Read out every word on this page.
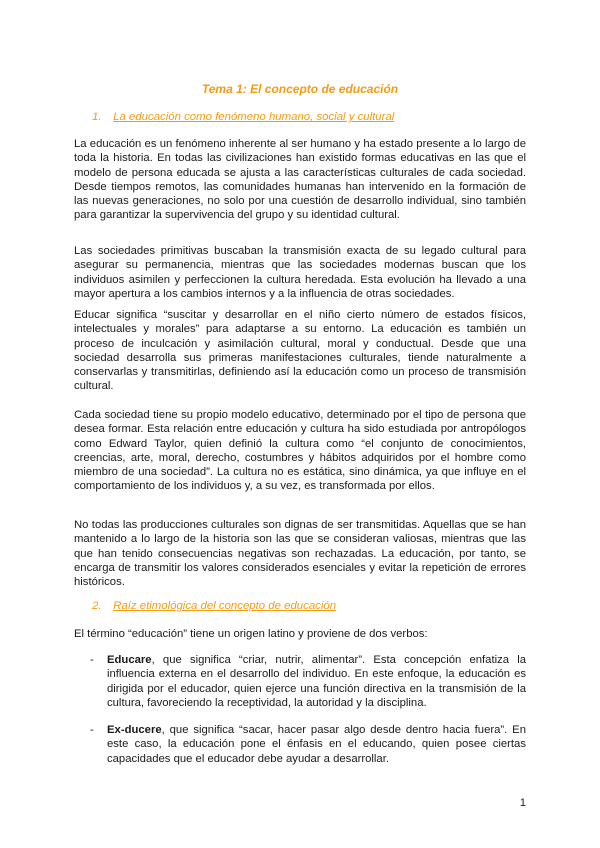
Tema 1: El concepto de educación
1. La educación como fenómeno humano, social y cultural

La educación es un fenómeno inherente al ser humano y ha estado presente a lo largo de toda la historia. En todas las civilizaciones han existido formas educativas en las que el modelo de persona educada se ajusta a las características culturales de cada sociedad. Desde tiempos remotos, las comunidades humanas han intervenido en la formación de las nuevas generaciones, no solo por una cuestión de desarrollo individual, sino también para garantizar la supervivencia del grupo y su identidad cultural.

Las sociedades primitivas buscaban la transmisión exacta de su legado cultural para asegurar su permanencia, mientras que las sociedades modernas buscan que los individuos asimilen y perfeccionen la cultura heredada. Esta evolución ha llevado a una mayor apertura a los cambios internos y a la influencia de otras sociedades.

Educar significa “suscitar y desarrollar en el niño cierto número de estados físicos, intelectuales y morales” para adaptarse a su entorno. La educación es también un proceso de inculcación y asimilación cultural, moral y conductual. Desde que una sociedad desarrolla sus primeras manifestaciones culturales, tiende naturalmente a conservarlas y transmitirlas, definiendo así la educación como un proceso de transmisión cultural.

Cada sociedad tiene su propio modelo educativo, determinado por el tipo de persona que desea formar. Esta relación entre educación y cultura ha sido estudiada por antropólogos como Edward Taylor, quien definió la cultura como “el conjunto de conocimientos, creencias, arte, moral, derecho, costumbres y hábitos adquiridos por el hombre como miembro de una sociedad”. La cultura no es estática, sino dinámica, ya que influye en el comportamiento de los individuos y, a su vez, es transformada por ellos.

No todas las producciones culturales son dignas de ser transmitidas. Aquellas que se han mantenido a lo largo de la historia son las que se consideran valiosas, mientras que las que han tenido consecuencias negativas son rechazadas. La educación, por tanto, se encarga de transmitir los valores considerados esenciales y evitar la repetición de errores históricos.

2. Raíz etimológica del concepto de educación

El término “educación” tiene un origen latino y proviene de dos verbos:

- Educare, que significa “criar, nutrir, alimentar”. Esta concepción enfatiza la influencia externa en el desarrollo del individuo. En este enfoque, la educación es dirigida por el educador, quien ejerce una función directiva en la transmisión de la cultura, favoreciendo la receptividad, la autoridad y la disciplina.
- Ex-ducere, que significa “sacar, hacer pasar algo desde dentro hacia fuera”. En este caso, la educación pone el énfasis en el educando, quien posee ciertas capacidades que el educador debe ayudar a desarrollar.
1
